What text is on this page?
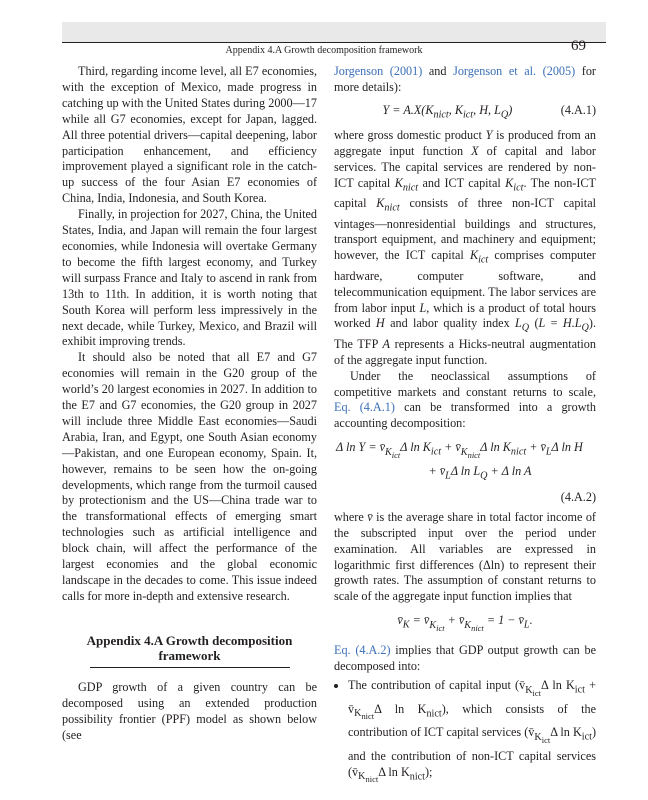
Appendix 4.A Growth decomposition framework	69

Third, regarding income level, all E7 economies, with the exception of Mexico, made progress in catching up with the United States during 2000—17 while all G7 economies, except for Japan, lagged. All three potential drivers—capital deepening, labor participation enhancement, and efficiency improvement played a significant role in the catch-up success of the four Asian E7 economies of China, India, Indonesia, and South Korea.

Finally, in projection for 2027, China, the United States, India, and Japan will remain the four largest economies, while Indonesia will overtake Germany to become the fifth largest economy, and Turkey will surpass France and Italy to ascend in rank from 13th to 11th. In addition, it is worth noting that South Korea will perform less impressively in the next decade, while Turkey, Mexico, and Brazil will exhibit improving trends.

It should also be noted that all E7 and G7 economies will remain in the G20 group of the world’s 20 largest economies in 2027. In addition to the E7 and G7 economies, the G20 group in 2027 will include three Middle East economies—Saudi Arabia, Iran, and Egypt, one South Asian economy—Pakistan, and one European economy, Spain. It, however, remains to be seen how the on-going developments, which range from the turmoil caused by protectionism and the US—China trade war to the transformational effects of emerging smart technologies such as artificial intelligence and block chain, will affect the performance of the largest economies and the global economic landscape in the decades to come. This issue indeed calls for more in-depth and extensive research.

Appendix 4.A Growth decomposition
framework

GDP growth of a given country can be decomposed using an extended production possibility frontier (PPF) model as shown below (see

Jorgenson (2001) and Jorgenson et al. (2005) for more details):

$Y = A.X(K_{nict}$, $K_{ict}$, H, $L_Q$)	(4.A.1)

where gross domestic product Y is produced from an aggregate input function X of capital and labor services. The capital services are rendered by non-ICT capital $K_{nict}$ and ICT capital $K_{ict}$. The non-ICT capital $K_{nict}$ consists of three non-ICT capital vintages—nonresidential buildings and structures, transport equipment, and machinery and equipment; however, the ICT capital $K_{ict}$ comprises computer hardware, computer software, and telecommunication equipment. The labor services are from labor input L, which is a product of total hours worked H and labor quality index $L_Q$ $(L = H.L_Q)$. The TFP A represents a Hicks-neutral augmentation of the aggregate input function.

Under the neoclassical assumptions of competitive markets and constant returns to scale, Eq. (4.A.1) can be transformed into a growth accounting decomposition:

Δ $\ln Y = v̄_{K_{ict}}\Delta$ $\ln K_{ict}$ + $v̄_{K_{nict}}\Delta$ $\ln K_{nict}$ + $v̄_L\Delta$ ln H
+ $v̄_L\Delta$ $\ln L_Q + \Delta$ ln A
(4.A.2)

where v̄ is the average share in total factor income of the subscripted input over the period under examination. All variables are expressed in logarithmic first differences (Δln) to represent their growth rates. The assumption of constant returns to scale of the aggregate input function implies that

$v̄_K$ = $v̄_{K_{ict}}$ + $v̄_{K_{nict}} = 1$ − $v̄_L$.

Eq. (4.A.2) implies that GDP output growth can be decomposed into:

• The contribution of capital input ($v̄_{K_{ict}}\Delta$ $\ln K_{ict}$ + $v̄_{K_{nict}}\Delta$ $\ln K_{nict}$), which consists of the contribution of ICT capital services ($v̄_{K_{ict}}\Delta$ $\ln K_{ict}$) and the contribution of non-ICT capital services ($v̄_{K_{nict}}\Delta$ $\ln K_{nict}$);
